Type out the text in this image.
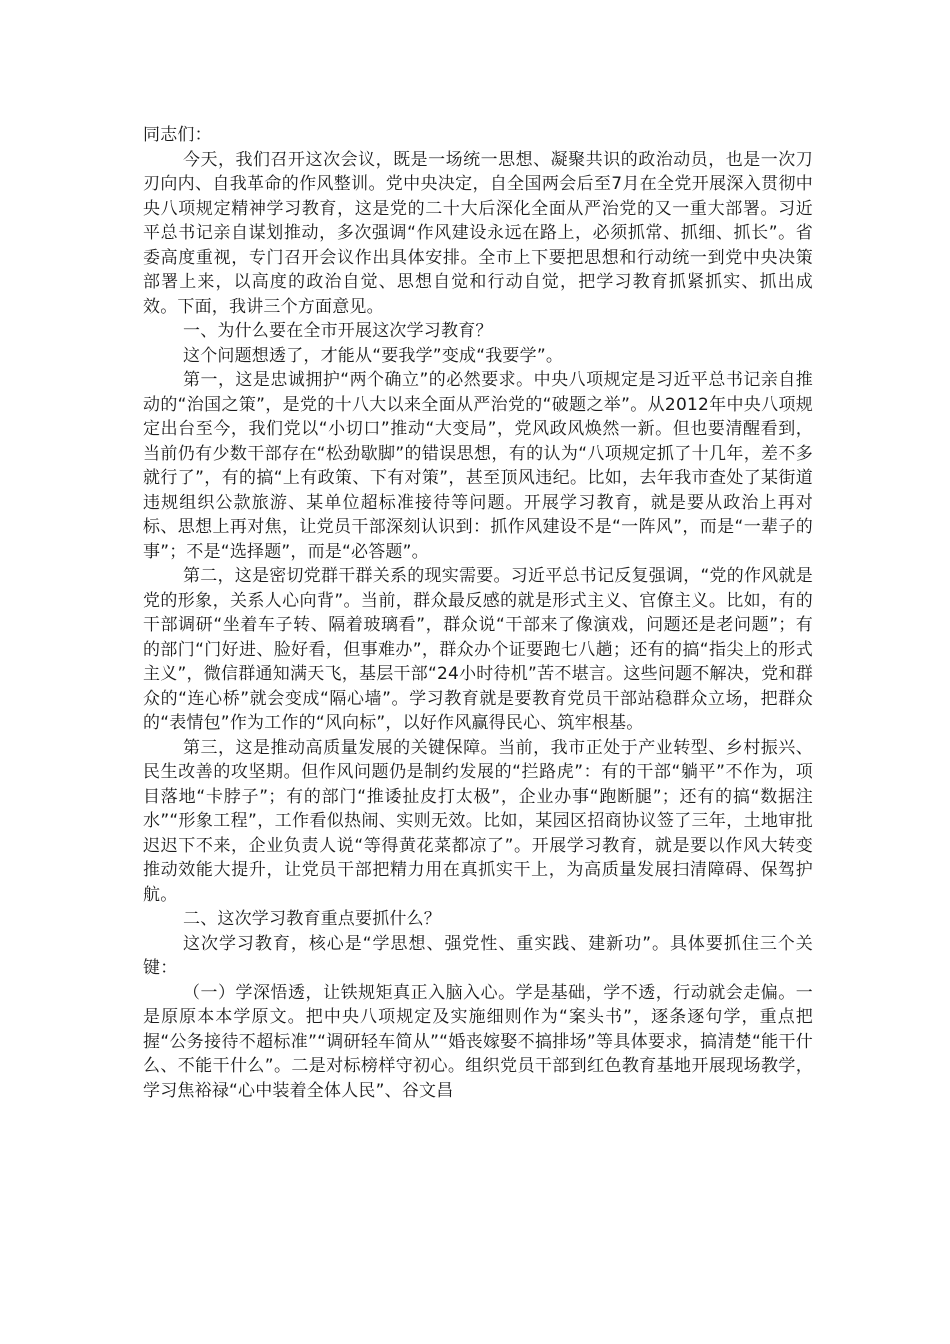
同志们：

今天，我们召开这次会议，既是一场统一思想、凝聚共识的政治动员，也是一次刀刃向内、自我革命的作风整训。党中央决定，自全国两会后至7月在全党开展深入贯彻中央八项规定精神学习教育，这是党的二十大后深化全面从严治党的又一重大部署。习近平总书记亲自谋划推动，多次强调“作风建设永远在路上，必须抓常、抓细、抓长”。省委高度重视，专门召开会议作出具体安排。全市上下要把思想和行动统一到党中央决策部署上来，以高度的政治自觉、思想自觉和行动自觉，把学习教育抓紧抓实、抓出成效。下面，我讲三个方面意见。

一、为什么要在全市开展这次学习教育？

这个问题想透了，才能从“要我学”变成“我要学”。

第一，这是忠诚拥护“两个确立”的必然要求。中央八项规定是习近平总书记亲自推动的“治国之策”，是党的十八大以来全面从严治党的“破题之举”。从2012年中央八项规定出台至今，我们党以“小切口”推动“大变局”，党风政风焕然一新。但也要清醒看到，当前仍有少数干部存在“松劲歇脚”的错误思想，有的认为“八项规定抓了十几年，差不多就行了”，有的搞“上有政策、下有对策”，甚至顶风违纪。比如，去年我市查处了某街道违规组织公款旅游、某单位超标准接待等问题。开展学习教育，就是要从政治上再对标、思想上再对焦，让党员干部深刻认识到：抓作风建设不是“一阵风”，而是“一辈子的事”；不是“选择题”，而是“必答题”。

第二，这是密切党群干群关系的现实需要。习近平总书记反复强调，“党的作风就是党的形象，关系人心向背”。当前，群众最反感的就是形式主义、官僚主义。比如，有的干部调研“坐着车子转、隔着玻璃看”，群众说“干部来了像演戏，问题还是老问题”；有的部门“门好进、脸好看，但事难办”，群众办个证要跑七八趟；还有的搞“指尖上的形式主义”，微信群通知满天飞，基层干部“24小时待机”苦不堪言。这些问题不解决，党和群众的“连心桥”就会变成“隔心墙”。学习教育就是要教育党员干部站稳群众立场，把群众的“表情包”作为工作的“风向标”，以好作风赢得民心、筑牢根基。

第三，这是推动高质量发展的关键保障。当前，我市正处于产业转型、乡村振兴、民生改善的攻坚期。但作风问题仍是制约发展的“拦路虎”：有的干部“躺平”不作为，项目落地“卡脖子”；有的部门“推诿扯皮打太极”，企业办事“跑断腿”；还有的搞“数据注水”“形象工程”，工作看似热闹、实则无效。比如，某园区招商协议签了三年，土地审批迟迟下不来，企业负责人说“等得黄花菜都凉了”。开展学习教育，就是要以作风大转变推动效能大提升，让党员干部把精力用在真抓实干上，为高质量发展扫清障碍、保驾护航。

二、这次学习教育重点要抓什么？

这次学习教育，核心是“学思想、强党性、重实践、建新功”。具体要抓住三个关键：

（一）学深悟透，让铁规矩真正入脑入心。学是基础，学不透，行动就会走偏。一是原原本本学原文。把中央八项规定及实施细则作为“案头书”，逐条逐句学，重点把握“公务接待不超标准”“调研轻车简从”“婚丧嫁娶不搞排场”等具体要求，搞清楚“能干什么、不能干什么”。二是对标榜样守初心。组织党员干部到红色教育基地开展现场教学，学习焦裕禄“心中装着全体人民”、谷文昌
